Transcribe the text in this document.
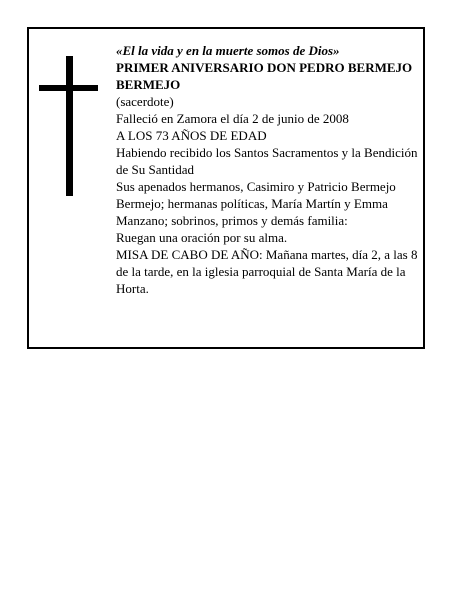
«El la vida y en la muerte somos de Dios»

PRIMER ANIVERSARIO DON PEDRO BERMEJO BERMEJO

(sacerdote)

Falleció en Zamora el día 2 de junio de 2008

A LOS 73 AÑOS DE EDAD

Habiendo recibido los Santos Sacramentos y la Bendición de Su Santidad

Sus apenados hermanos, Casimiro y Patricio Bermejo Bermejo; hermanas políticas, María Martín y Emma Manzano; sobrinos, primos y demás familia:

Ruegan una oración por su alma.

MISA DE CABO DE AÑO: Mañana martes, día 2, a las 8 de la tarde, en la iglesia parroquial de Santa María de la Horta.
